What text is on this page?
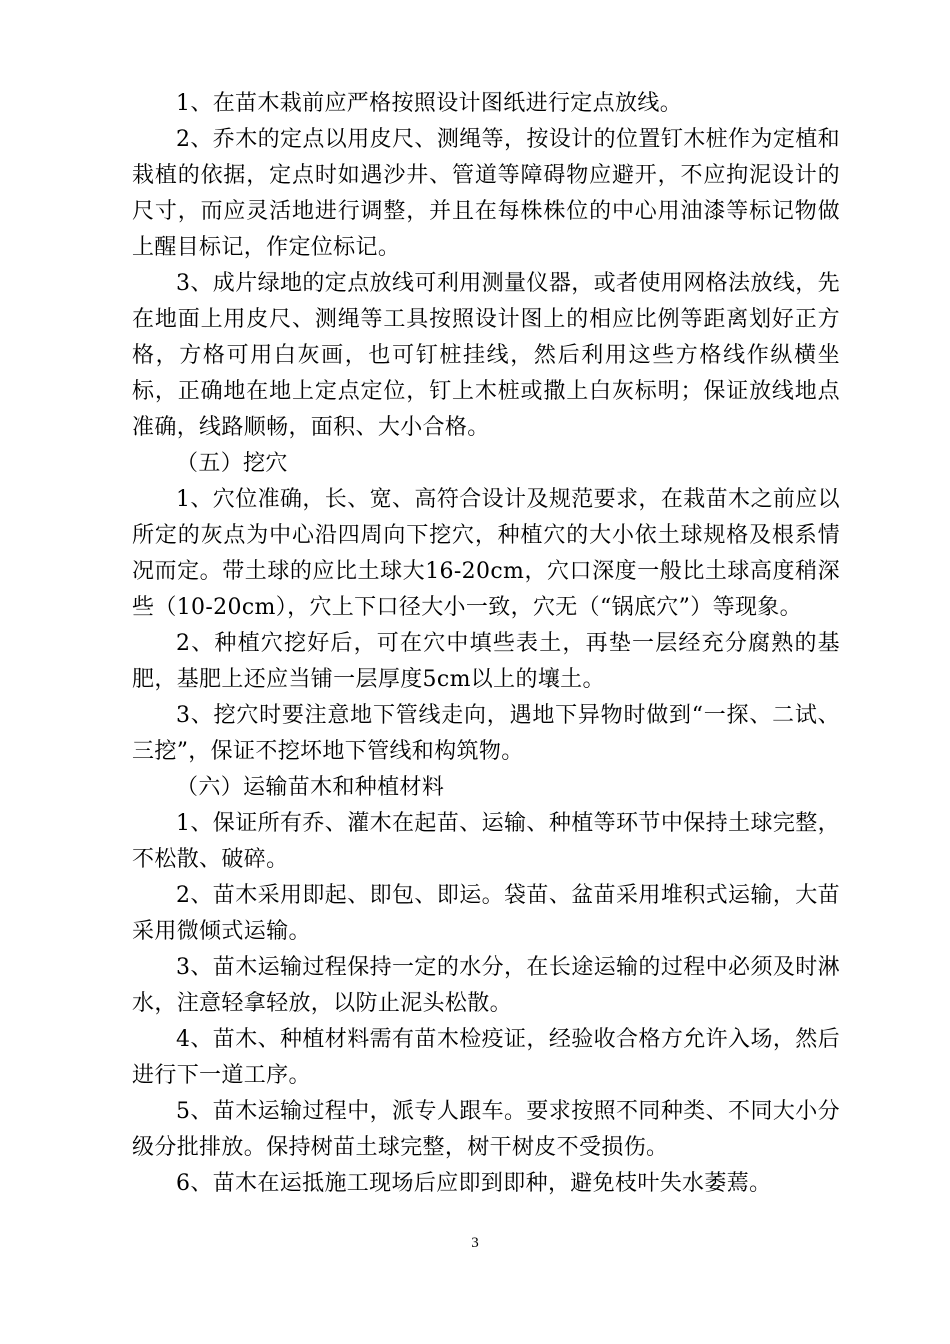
1、在苗木栽前应严格按照设计图纸进行定点放线。

2、乔木的定点以用皮尺、测绳等，按设计的位置钉木桩作为定植和栽植的依据，定点时如遇沙井、管道等障碍物应避开，不应拘泥设计的尺寸，而应灵活地进行调整，并且在每株株位的中心用油漆等标记物做上醒目标记，作定位标记。

3、成片绿地的定点放线可利用测量仪器，或者使用网格法放线，先在地面上用皮尺、测绳等工具按照设计图上的相应比例等距离划好正方格，方格可用白灰画，也可钉桩挂线，然后利用这些方格线作纵横坐标，正确地在地上定点定位，钉上木桩或撒上白灰标明；保证放线地点准确，线路顺畅，面积、大小合格。

（五）挖穴

1、穴位准确，长、宽、高符合设计及规范要求，在栽苗木之前应以所定的灰点为中心沿四周向下挖穴，种植穴的大小依土球规格及根系情况而定。带土球的应比土球大16-20cm，穴口深度一般比土球高度稍深些（10-20cm），穴上下口径大小一致，穴无（“锅底穴”）等现象。

2、种植穴挖好后，可在穴中填些表土，再垫一层经充分腐熟的基肥，基肥上还应当铺一层厚度5cm以上的壤土。

3、挖穴时要注意地下管线走向，遇地下异物时做到“一探、二试、三挖”，保证不挖坏地下管线和构筑物。

（六）运输苗木和种植材料

1、保证所有乔、灌木在起苗、运输、种植等环节中保持土球完整，不松散、破碎。

2、苗木采用即起、即包、即运。袋苗、盆苗采用堆积式运输，大苗采用微倾式运输。

3、苗木运输过程保持一定的水分，在长途运输的过程中必须及时淋水，注意轻拿轻放，以防止泥头松散。

4、苗木、种植材料需有苗木检疫证，经验收合格方允许入场，然后进行下一道工序。

5、苗木运输过程中，派专人跟车。要求按照不同种类、不同大小分级分批排放。保持树苗土球完整，树干树皮不受损伤。

6、苗木在运抵施工现场后应即到即种，避免枝叶失水萎蔫。

3
